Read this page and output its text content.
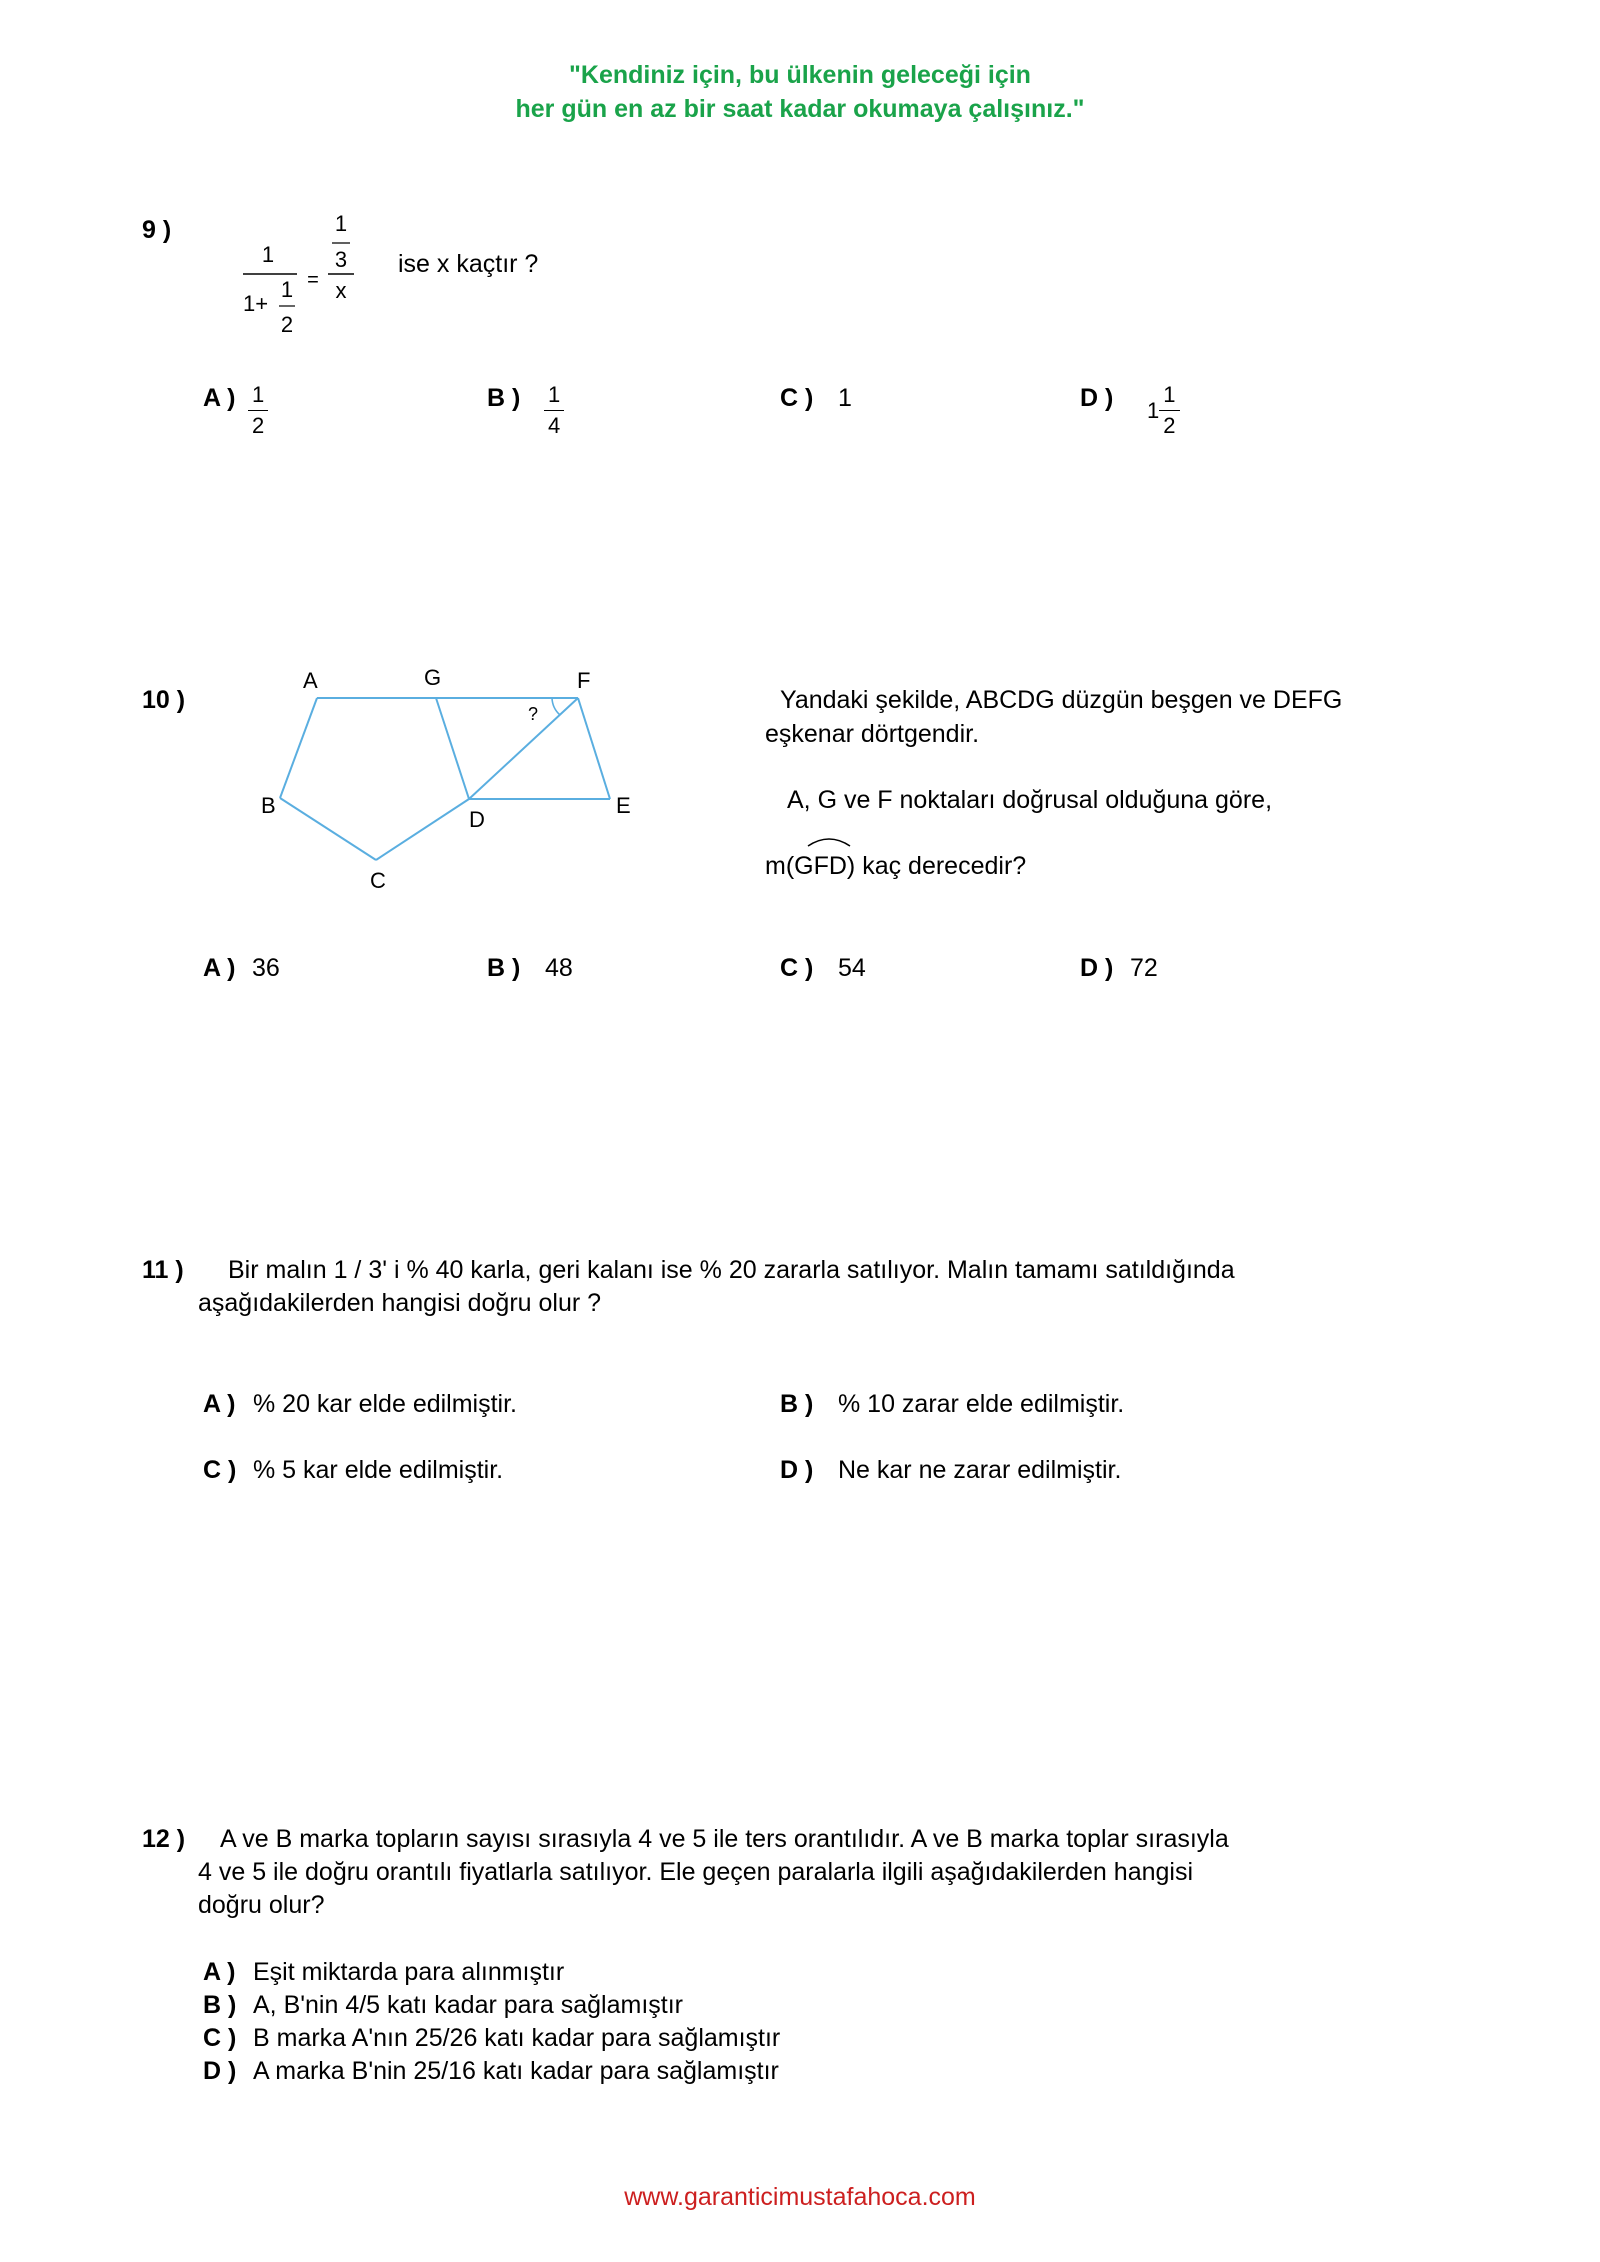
"Kendiniz için, bu ülkenin geleceği için
her gün en az bir saat kadar okumaya çalışınız."
9 )
1
1+
1
2
=
1
3
x
ise x kaçtır ?
A ) $\frac{1}{2}$	B ) $\frac{1}{4}$	C ) 1	D ) $1 \frac{1}{2}$
10 )
A	G	F
B
D
E
C
?	Yandaki şekilde, ABCDG düzgün beşgen ve DEFG
eşkenar dörtgendir.
A, G ve F noktaları doğrusal olduğuna göre,
m(GFD) kaç derecedir?
A ) 36	B ) 48	C ) 54	D ) 72
11 ) Bir malın 1 / 3' i % 40 karla, geri kalanı ise % 20 zararla satılıyor. Malın tamamı satıldığında
aşağıdakilerden hangisi doğru olur ?
A ) % 20 kar elde edilmiştir.	B ) % 10 zarar elde edilmiştir.
C ) % 5 kar elde edilmiştir.	D ) Ne kar ne zarar edilmiştir.
12 ) A ve B marka topların sayısı sırasıyla 4 ve 5 ile ters orantılıdır. A ve B marka toplar sırasıyla
4 ve 5 ile doğru orantılı fiyatlarla satılıyor. Ele geçen paralarla ilgili aşağıdakilerden hangisi
doğru olur?
A ) Eşit miktarda para alınmıştır
B ) A, B'nin 4/5 katı kadar para sağlamıştır
C ) B marka A'nın 25/26 katı kadar para sağlamıştır
D ) A marka B'nin 25/16 katı kadar para sağlamıştır
www.garanticimustafahoca.com
